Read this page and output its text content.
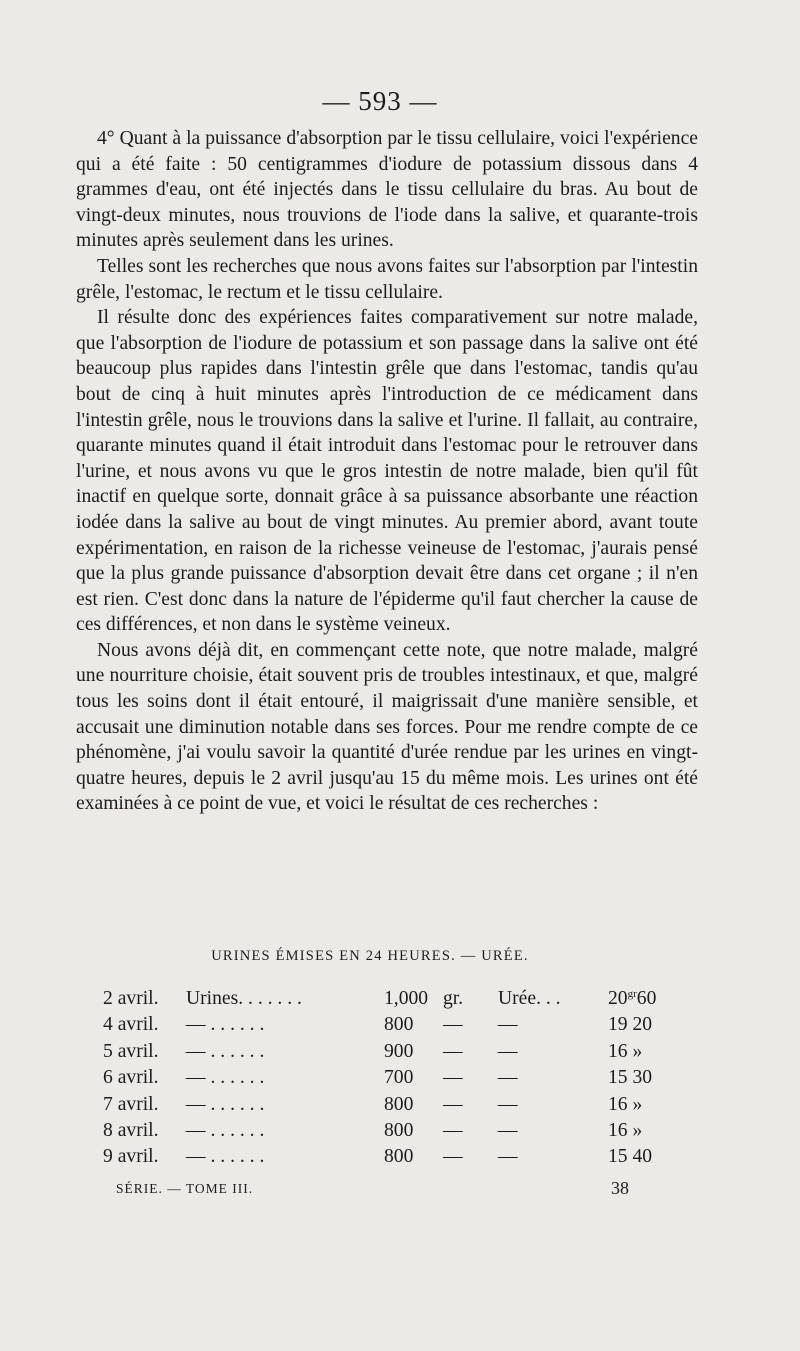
— 593 —

4° Quant à la puissance d'absorption par le tissu cellulaire, voici l'expérience qui a été faite : 50 centigrammes d'iodure de potassium dissous dans 4 grammes d'eau, ont été injectés dans le tissu cellulaire du bras. Au bout de vingt-deux minutes, nous trouvions de l'iode dans la salive, et quarante-trois minutes après seulement dans les urines.

Telles sont les recherches que nous avons faites sur l'absorption par l'intestin grêle, l'estomac, le rectum et le tissu cellulaire.

Il résulte donc des expériences faites comparativement sur notre malade, que l'absorption de l'iodure de potassium et son passage dans la salive ont été beaucoup plus rapides dans l'intestin grêle que dans l'estomac, tandis qu'au bout de cinq à huit minutes après l'introduction de ce médicament dans l'intestin grêle, nous le trouvions dans la salive et l'urine. Il fallait, au contraire, quarante minutes quand il était introduit dans l'estomac pour le retrouver dans l'urine, et nous avons vu que le gros intestin de notre malade, bien qu'il fût inactif en quelque sorte, donnait grâce à sa puissance absorbante une réaction iodée dans la salive au bout de vingt minutes. Au premier abord, avant toute expérimentation, en raison de la richesse veineuse de l'estomac, j'aurais pensé que la plus grande puissance d'absorption devait être dans cet organe ; il n'en est rien. C'est donc dans la nature de l'épiderme qu'il faut chercher la cause de ces différences, et non dans le système veineux.

Nous avons déjà dit, en commençant cette note, que notre malade, malgré une nourriture choisie, était souvent pris de troubles intestinaux, et que, malgré tous les soins dont il était entouré, il maigrissait d'une manière sensible, et accusait une diminution notable dans ses forces. Pour me rendre compte de ce phénomène, j'ai voulu savoir la quantité d'urée rendue par les urines en vingt-quatre heures, depuis le 2 avril jusqu'au 15 du même mois. Les urines ont été examinées à ce point de vue, et voici le résultat de ces recherches :

URINES ÉMISES EN 24 HEURES. — URÉE.
2 avril. Urines. . . . . . .	1,000 gr. Urée. . . $20^{gr}60$
4 avril. — . . . . . .	800 — —	19 20
5 avril. — . . . . . .	900 — —	16 »
6 avril. — . . . . . .	700 — —	15 30
7 avril. — . . . . . .	800 — —	16 »
8 avril. — . . . . . .	800 — —	16 »
9 avril. — . . . . . .	800 — —	15 40
SÉRIE. — TOME III.	38
